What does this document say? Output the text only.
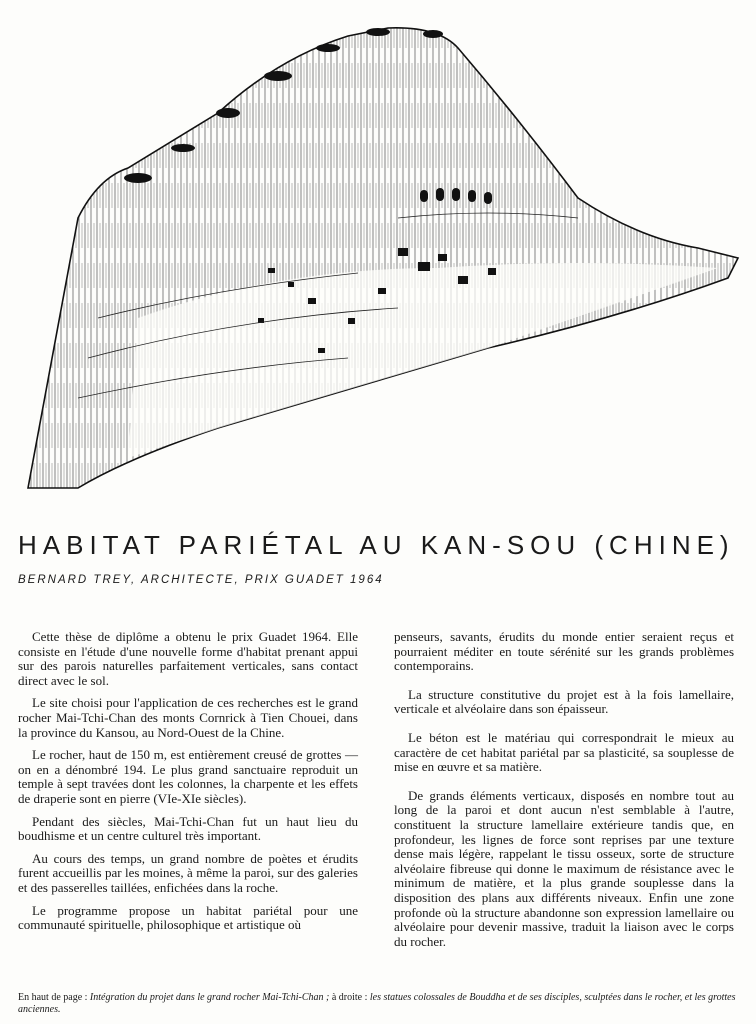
HABITAT PARIÉTAL AU KAN-SOU (CHINE)

BERNARD TREY, ARCHITECTE, PRIX GUADET 1964

Cette thèse de diplôme a obtenu le prix Guadet 1964. Elle consiste en l'étude d'une nouvelle forme d'habitat prenant appui sur des parois naturelles parfaitement verticales, sans contact direct avec le sol.

Le site choisi pour l'application de ces recherches est le grand rocher Mai-Tchi-Chan des monts Cornrick à Tien Chouei, dans la province du Kansou, au Nord-Ouest de la Chine.

Le rocher, haut de 150 m, est entièrement creusé de grottes — on en a dénombré 194. Le plus grand sanctuaire reproduit un temple à sept travées dont les colonnes, la charpente et les effets de draperie sont en pierre (VIe-XIe siècles).

Pendant des siècles, Mai-Tchi-Chan fut un haut lieu du boudhisme et un centre culturel très important.

Au cours des temps, un grand nombre de poètes et érudits furent accueillis par les moines, à même la paroi, sur des galeries et des passerelles taillées, enfichées dans la roche.

Le programme propose un habitat pariétal pour une communauté spirituelle, philosophique et artistique où

penseurs, savants, érudits du monde entier seraient reçus et pourraient méditer en toute sérénité sur les grands problèmes contemporains.

La structure constitutive du projet est à la fois lamellaire, verticale et alvéolaire dans son épaisseur.

Le béton est le matériau qui correspondrait le mieux au caractère de cet habitat pariétal par sa plasticité, sa souplesse de mise en œuvre et sa matière.

De grands éléments verticaux, disposés en nombre tout au long de la paroi et dont aucun n'est semblable à l'autre, constituent la structure lamellaire extérieure tandis que, en profondeur, les lignes de force sont reprises par une texture dense mais légère, rappelant le tissu osseux, sorte de structure alvéolaire fibreuse qui donne le maximum de résistance avec le minimum de matière, et la plus grande souplesse dans la disposition des plans aux différents niveaux. Enfin une zone profonde où la structure abandonne son expression lamellaire ou alvéolaire pour devenir massive, traduit la liaison avec le corps du rocher.

En haut de page : Intégration du projet dans le grand rocher Mai-Tchi-Chan ; à droite : les statues colossales de Bouddha et de ses disciples, sculptées dans le rocher, et les grottes anciennes.
